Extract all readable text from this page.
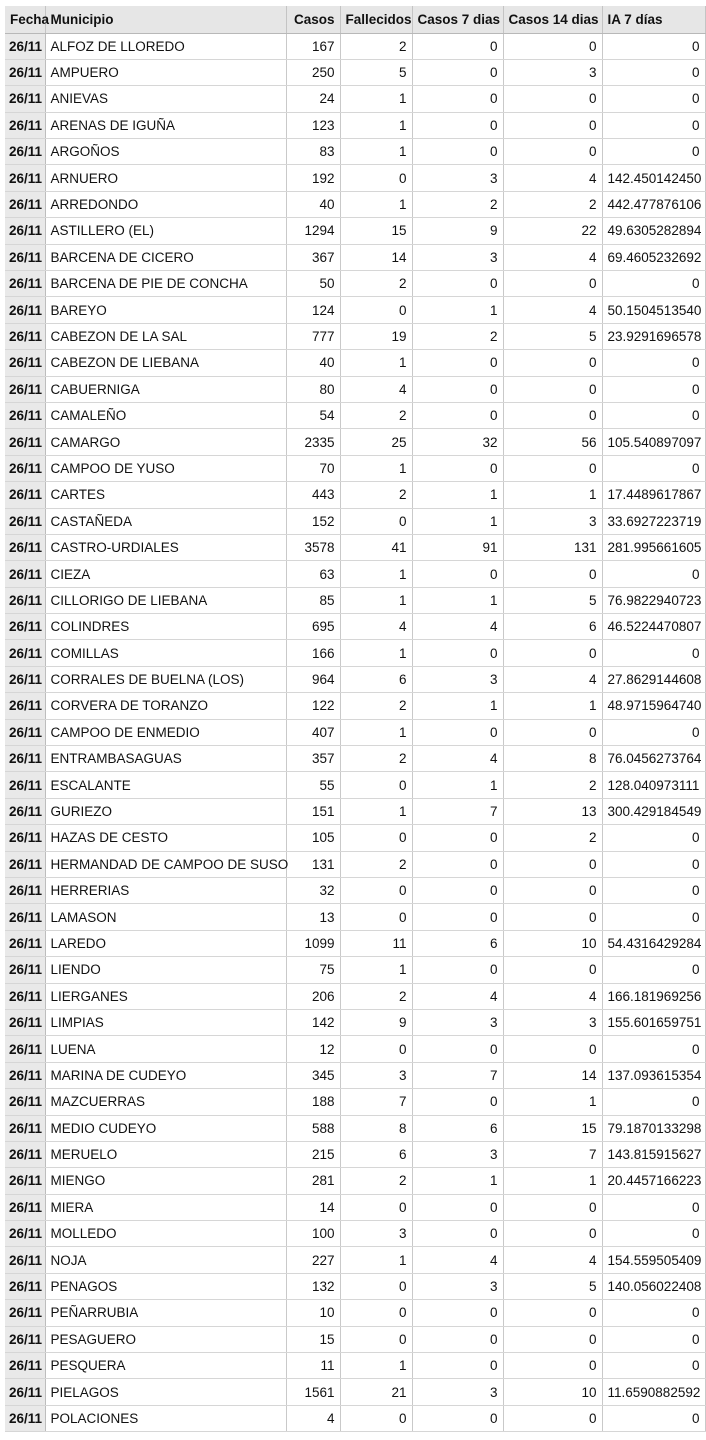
Fecha	Municipio	Casos	Fallecidos	Casos 7 dias	Casos 14 dias	IA 7 días
26/11	ALFOZ DE LLOREDO	167	2	0	0	0
26/11	AMPUERO	250	5	0	3	0
26/11	ANIEVAS	24	1	0	0	0
26/11	ARENAS DE IGUÑA	123	1	0	0	0
26/11	ARGOÑOS	83	1	0	0	0
26/11	ARNUERO	192	0	3	4	142.450142450
26/11	ARREDONDO	40	1	2	2	442.477876106
26/11	ASTILLERO (EL)	1294	15	9	22	49.6305282894
26/11	BARCENA DE CICERO	367	14	3	4	69.4605232692
26/11	BARCENA DE PIE DE CONCHA	50	2	0	0	0
26/11	BAREYO	124	0	1	4	50.1504513540
26/11	CABEZON DE LA SAL	777	19	2	5	23.9291696578
26/11	CABEZON DE LIEBANA	40	1	0	0	0
26/11	CABUERNIGA	80	4	0	0	0
26/11	CAMALEÑO	54	2	0	0	0
26/11	CAMARGO	2335	25	32	56	105.540897097
26/11	CAMPOO DE YUSO	70	1	0	0	0
26/11	CARTES	443	2	1	1	17.4489617867
26/11	CASTAÑEDA	152	0	1	3	33.6927223719
26/11	CASTRO-URDIALES	3578	41	91	131	281.995661605
26/11	CIEZA	63	1	0	0	0
26/11	CILLORIGO DE LIEBANA	85	1	1	5	76.9822940723
26/11	COLINDRES	695	4	4	6	46.5224470807
26/11	COMILLAS	166	1	0	0	0
26/11	CORRALES DE BUELNA (LOS)	964	6	3	4	27.8629144608
26/11	CORVERA DE TORANZO	122	2	1	1	48.9715964740
26/11	CAMPOO DE ENMEDIO	407	1	0	0	0
26/11	ENTRAMBASAGUAS	357	2	4	8	76.0456273764
26/11	ESCALANTE	55	0	1	2	128.040973111
26/11	GURIEZO	151	1	7	13	300.429184549
26/11	HAZAS DE CESTO	105	0	0	2	0
26/11	HERMANDAD DE CAMPOO DE SUSO	131	2	0	0	0
26/11	HERRERIAS	32	0	0	0	0
26/11	LAMASON	13	0	0	0	0
26/11	LAREDO	1099	11	6	10	54.4316429284
26/11	LIENDO	75	1	0	0	0
26/11	LIERGANES	206	2	4	4	166.181969256
26/11	LIMPIAS	142	9	3	3	155.601659751
26/11	LUENA	12	0	0	0	0
26/11	MARINA DE CUDEYO	345	3	7	14	137.093615354
26/11	MAZCUERRAS	188	7	0	1	0
26/11	MEDIO CUDEYO	588	8	6	15	79.1870133298
26/11	MERUELO	215	6	3	7	143.815915627
26/11	MIENGO	281	2	1	1	20.4457166223
26/11	MIERA	14	0	0	0	0
26/11	MOLLEDO	100	3	0	0	0
26/11	NOJA	227	1	4	4	154.559505409
26/11	PENAGOS	132	0	3	5	140.056022408
26/11	PEÑARRUBIA	10	0	0	0	0
26/11	PESAGUERO	15	0	0	0	0
26/11	PESQUERA	11	1	0	0	0
26/11	PIELAGOS	1561	21	3	10	11.6590882592
26/11	POLACIONES	4	0	0	0	0
